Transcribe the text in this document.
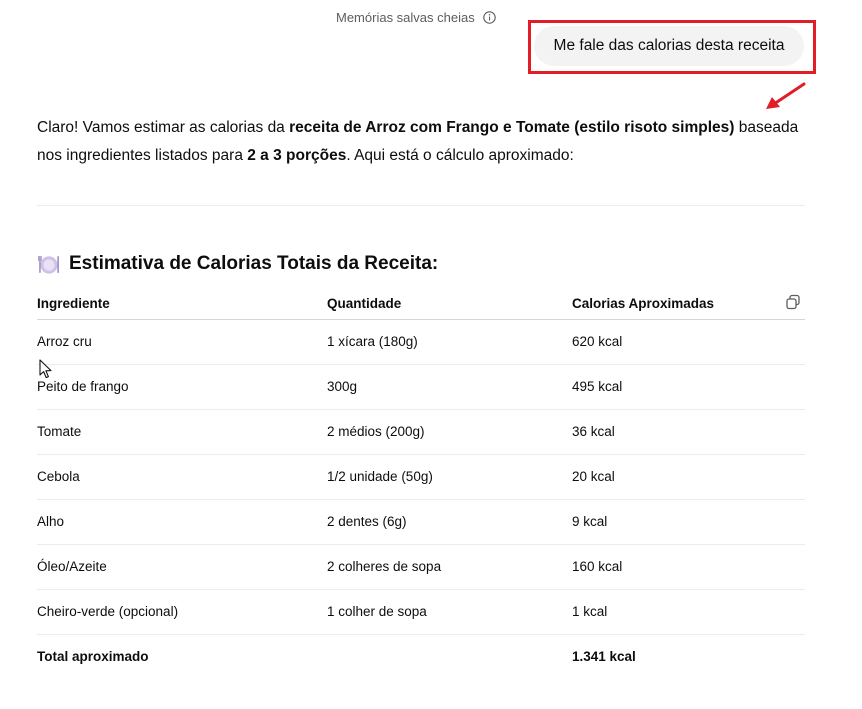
Memórias salvas cheias
Me fale das calorias desta receita

Claro! Vamos estimar as calorias da receita de Arroz com Frango e Tomate (estilo risoto simples) baseada nos ingredientes listados para 2 a 3 porções. Aqui está o cálculo aproximado:

Estimativa de Calorias Totais da Receita:
Ingrediente	Quantidade	Calorias Aproximadas
Arroz cru	1 xícara (180g)	620 kcal
Peito de frango	300g	495 kcal
Tomate	2 médios (200g)	36 kcal
Cebola	1/2 unidade (50g)	20 kcal
Alho	2 dentes (6g)	9 kcal
Óleo/Azeite	2 colheres de sopa	160 kcal
Cheiro-verde (opcional)	1 colher de sopa	1 kcal
Total aproximado		1.341 kcal
